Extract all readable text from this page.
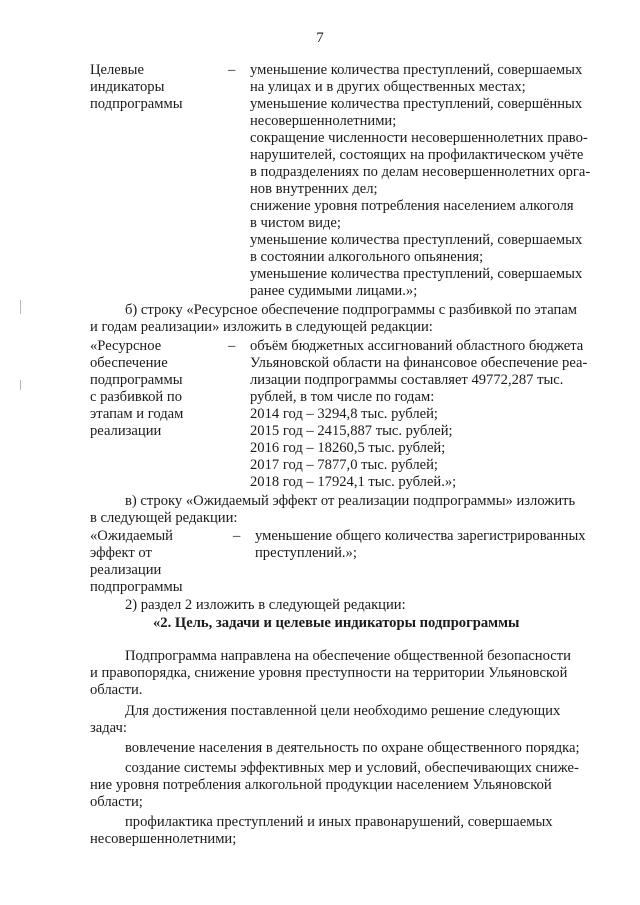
7
Целевые
индикаторы
подпрограммы
– уменьшение количества преступлений, совершаемых
на улицах и в других общественных местах;
уменьшение количества преступлений, совершённых
несовершеннолетними;
сокращение численности несовершеннолетних право-
нарушителей, состоящих на профилактическом учёте
в подразделениях по делам несовершеннолетних орга-
нов внутренних дел;
снижение уровня потребления населением алкоголя
в чистом виде;
уменьшение количества преступлений, совершаемых
в состоянии алкогольного опьянения;
уменьшение количества преступлений, совершаемых
ранее судимыми лицами.»;
б) строку «Ресурсное обеспечение подпрограммы с разбивкой по этапам
и годам реализации» изложить в следующей редакции:
«Ресурсное
обеспечение
подпрограммы
с разбивкой по
этапам и годам
реализации
– объём бюджетных ассигнований областного бюджета
Ульяновской области на финансовое обеспечение реа-
лизации подпрограммы составляет 49772,287 тыс.
рублей, в том числе по годам:
2014 год – 3294,8 тыс. рублей;
2015 год – 2415,887 тыс. рублей;
2016 год – 18260,5 тыс. рублей;
2017 год – 7877,0 тыс. рублей;
2018 год – 17924,1 тыс. рублей.»;
в) строку «Ожидаемый эффект от реализации подпрограммы» изложить
в следующей редакции:
«Ожидаемый
эффект от
реализации
подпрограммы
– уменьшение общего количества зарегистрированных
преступлений.»;
2) раздел 2 изложить в следующей редакции:
«2. Цель, задачи и целевые индикаторы подпрограммы
Подпрограмма направлена на обеспечение общественной безопасности
и правопорядка, снижение уровня преступности на территории Ульяновской
области.
Для достижения поставленной цели необходимо решение следующих
задач:
вовлечение населения в деятельность по охране общественного порядка;
создание системы эффективных мер и условий, обеспечивающих сниже-
ние уровня потребления алкогольной продукции населением Ульяновской
области;
профилактика преступлений и иных правонарушений, совершаемых
несовершеннолетними;
